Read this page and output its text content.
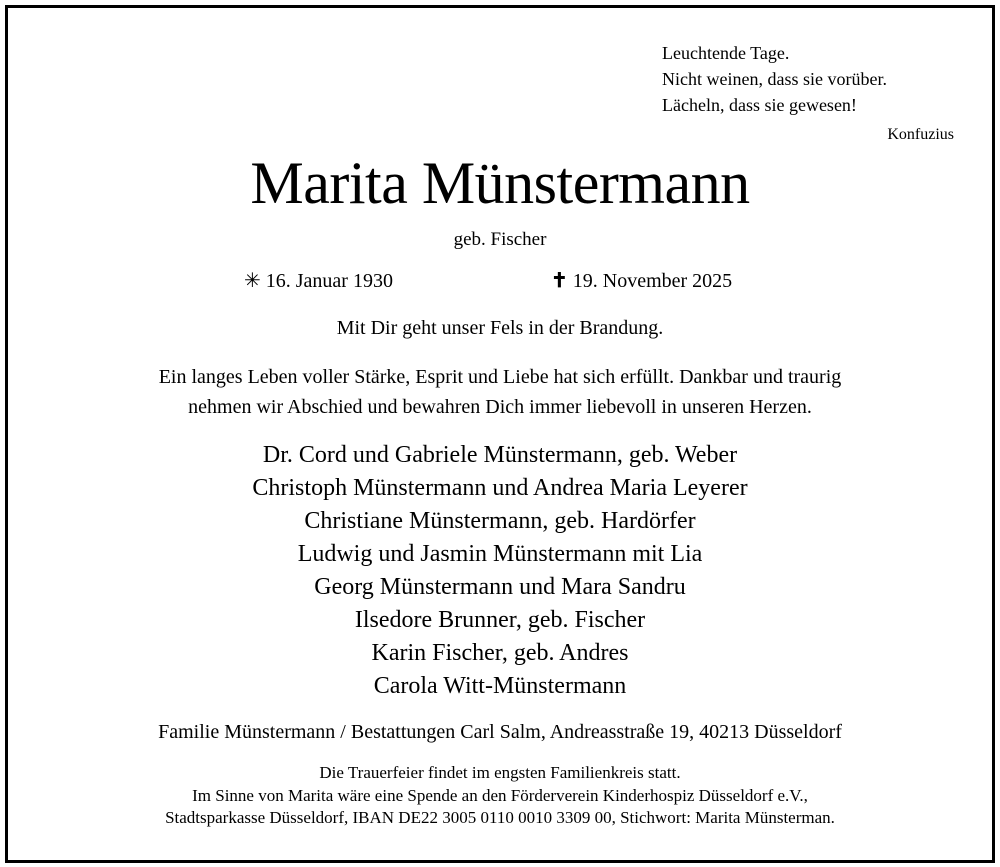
Leuchtende Tage.
Nicht weinen, dass sie vorüber.
Lächeln, dass sie gewesen!
Konfuzius
Marita Münstermann
geb. Fischer
✳ 16. Januar 1930	✝ 19. November 2025
Mit Dir geht unser Fels in der Brandung.
Ein langes Leben voller Stärke, Esprit und Liebe hat sich erfüllt. Dankbar und traurig
nehmen wir Abschied und bewahren Dich immer liebevoll in unseren Herzen.
Dr. Cord und Gabriele Münstermann, geb. Weber
Christoph Münstermann und Andrea Maria Leyerer
Christiane Münstermann, geb. Hardörfer
Ludwig und Jasmin Münstermann mit Lia
Georg Münstermann und Mara Sandru
Ilsedore Brunner, geb. Fischer
Karin Fischer, geb. Andres
Carola Witt-Münstermann
Familie Münstermann / Bestattungen Carl Salm, Andreasstraße 19, 40213 Düsseldorf
Die Trauerfeier findet im engsten Familienkreis statt.
Im Sinne von Marita wäre eine Spende an den Förderverein Kinderhospiz Düsseldorf e.V.,
Stadtsparkasse Düsseldorf, IBAN DE22 3005 0110 0010 3309 00, Stichwort: Marita Münsterman.
